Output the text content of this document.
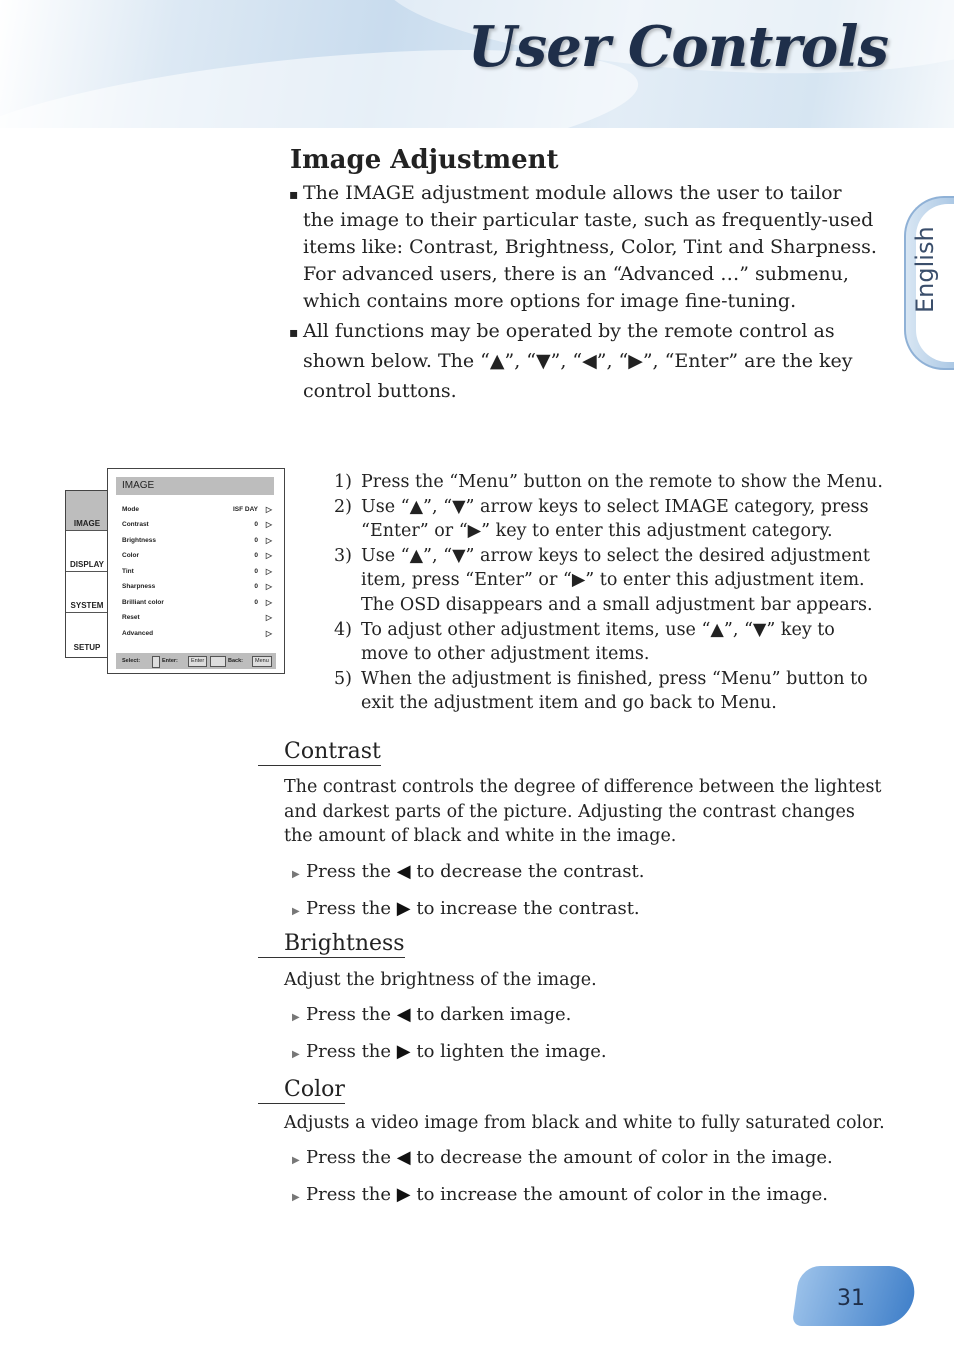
User Controls
English
Image Adjustment
▪ The IMAGE adjustment module allows the user to tailor
the image to their particular taste, such as frequently-used
items like: Contrast, Brightness, Color, Tint and Sharpness.
For advanced users, there is an “Advanced …” submenu,
which contains more options for image fine-tuning.
▪ All functions may be operated by the remote control as
shown below. The “▲”, “▼”, “◀”, “▶”, “Enter” are the key
control buttons.
IMAGE
DISPLAY
SYSTEM
SETUP
IMAGE
Mode	ISF DAY ▷
Contrast	0 ▷
Brightness	0 ▷
Color	0 ▷
Tint	0 ▷
Sharpness	0 ▷
Brilliant color	0 ▷
Reset	▷
Advanced	▷
Select:	Enter:	Enter	Back:	Menu
1) Press the “Menu” button on the remote to show the Menu.
2) Use “▲”, “▼” arrow keys to select IMAGE category, press
“Enter” or “▶” key to enter this adjustment category.
3) Use “▲”, “▼” arrow keys to select the desired adjustment
item, press “Enter” or “▶” to enter this adjustment item.
The OSD disappears and a small adjustment bar appears.
4) To adjust other adjustment items, use “▲”, “▼” key to
move to other adjustment items.
5) When the adjustment is finished, press “Menu” button to
exit the adjustment item and go back to Menu.
Contrast
The contrast controls the degree of difference between the lightest
and darkest parts of the picture. Adjusting the contrast changes
the amount of black and white in the image.
▶ Press the ◀ to decrease the contrast.
▶ Press the ▶ to increase the contrast.
Brightness
Adjust the brightness of the image.
▶ Press the ◀ to darken image.
▶ Press the ▶ to lighten the image.
Color
Adjusts a video image from black and white to fully saturated color.
▶ Press the ◀ to decrease the amount of color in the image.
▶ Press the ▶ to increase the amount of color in the image.
31
